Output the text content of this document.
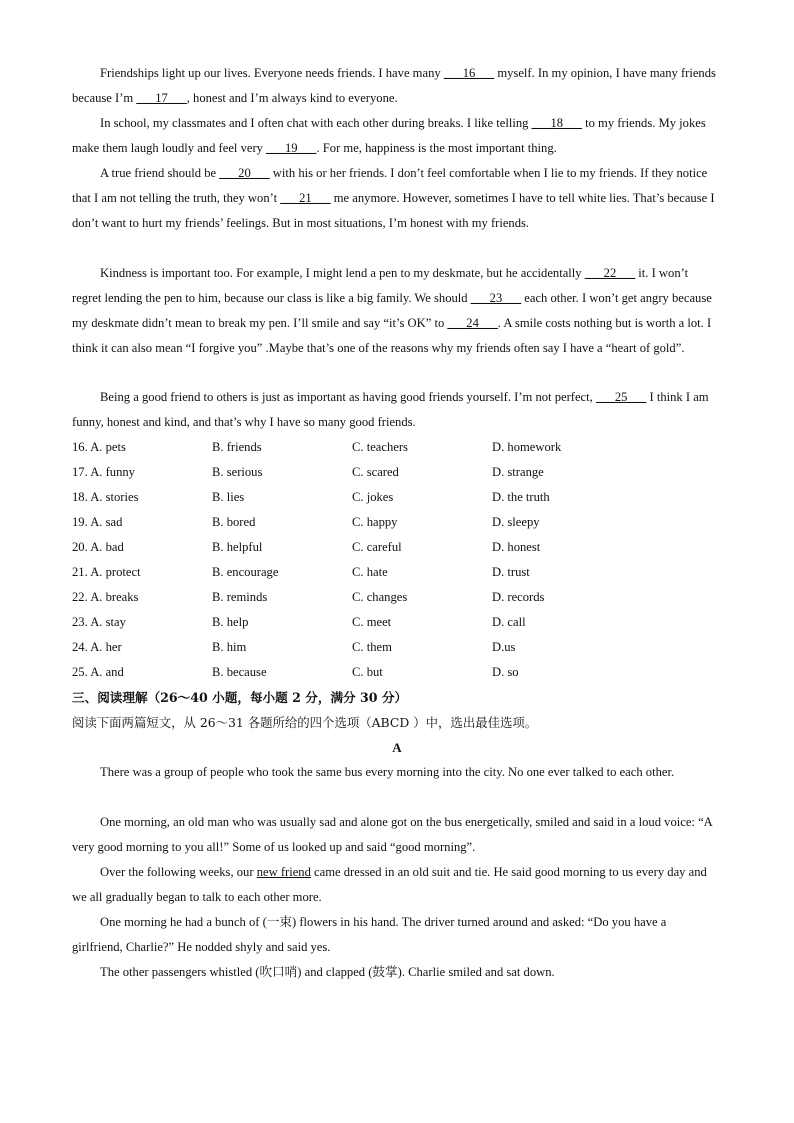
Friendships light up our lives. Everyone needs friends. I have many ___16___ myself. In my opinion, I have many friends because I’m ___17___, honest and I’m always kind to everyone.
In school, my classmates and I often chat with each other during breaks. I like telling ___18___ to my friends. My jokes make them laugh loudly and feel very ___19___. For me, happiness is the most important thing.
A true friend should be ___20___ with his or her friends. I don’t feel comfortable when I lie to my friends. If they notice that I am not telling the truth, they won’t ___21___ me anymore. However, sometimes I have to tell white lies. That’s because I don’t want to hurt my friends’ feelings. But in most situations, I’m honest with my friends.
Kindness is important too. For example, I might lend a pen to my deskmate, but he accidentally ___22___ it. I won’t regret lending the pen to him, because our class is like a big family. We should ___23___ each other. I won’t get angry because my deskmate didn’t mean to break my pen. I’ll smile and say “it’s OK” to ___24___. A smile costs nothing but is worth a lot. I think it can also mean “I forgive you” .Maybe that’s one of the reasons why my friends often say I have a “heart of gold”.
Being a good friend to others is just as important as having good friends yourself. I’m not perfect, ___25___ I think I am funny, honest and kind, and that’s why I have so many good friends.
16. A. pets	B. friends	C. teachers	D. homework
17. A. funny	B. serious	C. scared	D. strange
18. A. stories	B. lies	C. jokes	D. the truth
19. A. sad	B. bored	C. happy	D. sleepy
20. A. bad	B. helpful	C. careful	D. honest
21. A. protect	B. encourage	C. hate	D. trust
22. A. breaks	B. reminds	C. changes	D. records
23. A. stay	B. help	C. meet	D. call
24. A. her	B. him	C. them	D.us
25. A. and	B. because	C. but	D. so
三、阅读理解（26～40 小题，每小题 2 分，满分 30 分）
阅读下面两篇短文，从 26～31 各题所给的四个选项（ABCD ）中，选出最佳选项。
A
There was a group of people who took the same bus every morning into the city. No one ever talked to each other.
One morning, an old man who was usually sad and alone got on the bus energetically, smiled and said in a loud voice: “A very good morning to you all!” Some of us looked up and said “good morning”.
Over the following weeks, our new friend came dressed in an old suit and tie. He said good morning to us every day and we all gradually began to talk to each other more.
One morning he had a bunch of (一束) flowers in his hand. The driver turned around and asked: “Do you have a girlfriend, Charlie?” He nodded shyly and said yes.
The other passengers whistled (吹口哨) and clapped (鼓掌). Charlie smiled and sat down.
